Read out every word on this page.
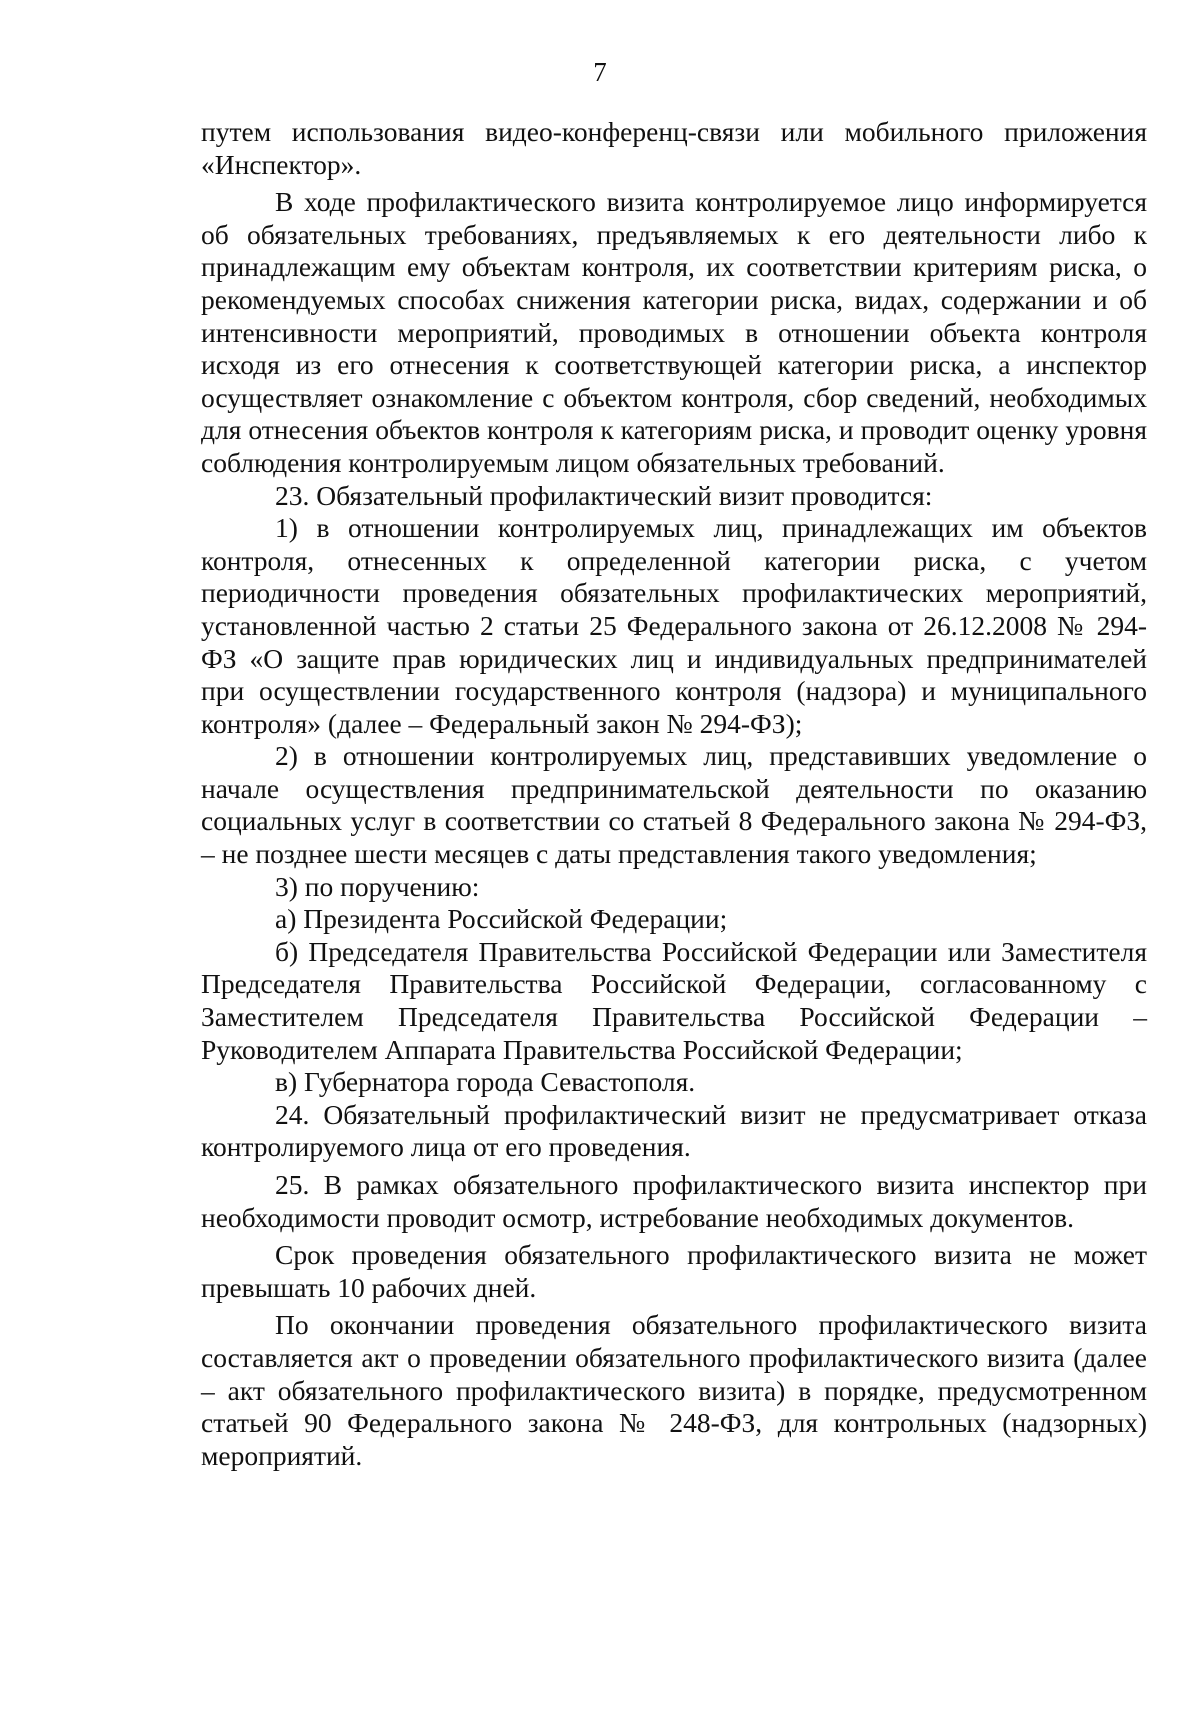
7

путем использования видео-конференц-связи или мобильного приложения «Инспектор».

В ходе профилактического визита контролируемое лицо информируется об обязательных требованиях, предъявляемых к его деятельности либо к принадлежащим ему объектам контроля, их соответствии критериям риска, о рекомендуемых способах снижения категории риска, видах, содержании и об интенсивности мероприятий, проводимых в отношении объекта контроля исходя из его отнесения к соответствующей категории риска, а инспектор осуществляет ознакомление с объектом контроля, сбор сведений, необходимых для отнесения объектов контроля к категориям риска, и проводит оценку уровня соблюдения контролируемым лицом обязательных требований.

23. Обязательный профилактический визит проводится:

1) в отношении контролируемых лиц, принадлежащих им объектов контроля, отнесенных к определенной категории риска, с учетом периодичности проведения обязательных профилактических мероприятий, установленной частью 2 статьи 25 Федерального закона от 26.12.2008 № 294-ФЗ «О защите прав юридических лиц и индивидуальных предпринимателей при осуществлении государственного контроля (надзора) и муниципального контроля» (далее – Федеральный закон № 294-ФЗ);

2) в отношении контролируемых лиц, представивших уведомление о начале осуществления предпринимательской деятельности по оказанию социальных услуг в соответствии со статьей 8 Федерального закона № 294-ФЗ, – не позднее шести месяцев с даты представления такого уведомления;

3) по поручению:

а) Президента Российской Федерации;

б) Председателя Правительства Российской Федерации или Заместителя Председателя Правительства Российской Федерации, согласованному с Заместителем Председателя Правительства Российской Федерации – Руководителем Аппарата Правительства Российской Федерации;

в) Губернатора города Севастополя.

24. Обязательный профилактический визит не предусматривает отказа контролируемого лица от его проведения.

25. В рамках обязательного профилактического визита инспектор при необходимости проводит осмотр, истребование необходимых документов.

Срок проведения обязательного профилактического визита не может превышать 10 рабочих дней.

По окончании проведения обязательного профилактического визита составляется акт о проведении обязательного профилактического визита (далее – акт обязательного профилактического визита) в порядке, предусмотренном статьей 90 Федерального закона № 248-ФЗ, для контрольных (надзорных) мероприятий.
